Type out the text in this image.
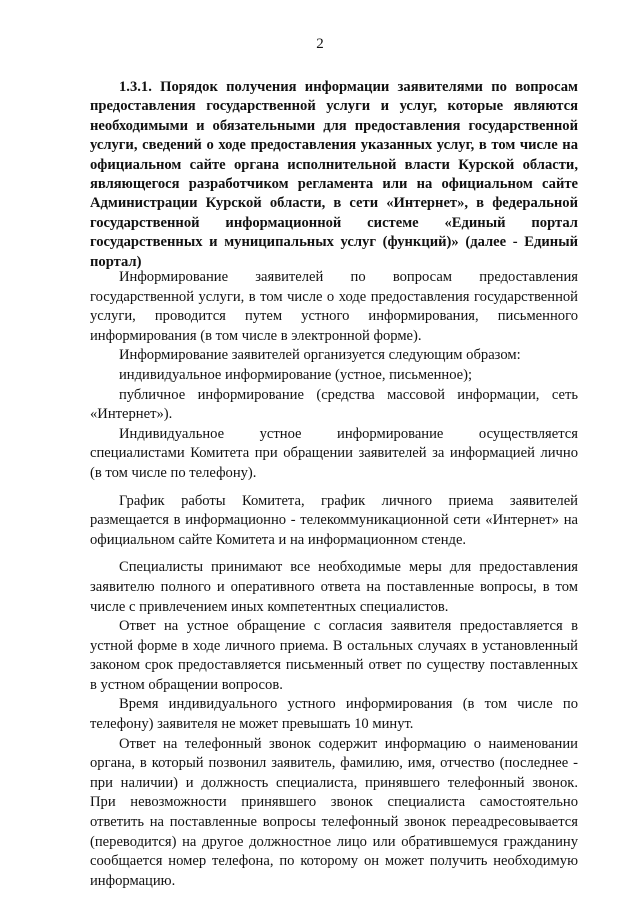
2
1.3.1. Порядок получения информации заявителями по вопросам предоставления государственной услуги и услуг, которые являются необходимыми и обязательными для предоставления государственной услуги, сведений о ходе предоставления указанных услуг, в том числе на официальном сайте органа исполнительной власти Курской области, являющегося разработчиком регламента или на официальном сайте Администрации Курской области, в сети «Интернет», в федеральной государственной информационной системе «Единый портал государственных и муниципальных услуг (функций)» (далее - Единый портал)

Информирование заявителей по вопросам предоставления государственной услуги, в том числе о ходе предоставления государственной услуги, проводится путем устного информирования, письменного информирования (в том числе в электронной форме).

Информирование заявителей организуется следующим образом:

индивидуальное информирование (устное, письменное);

публичное информирование (средства массовой информации, сеть «Интернет»).

Индивидуальное устное информирование осуществляется специалистами Комитета при обращении заявителей за информацией лично (в том числе по телефону).

График работы Комитета, график личного приема заявителей размещается в информационно - телекоммуникационной сети «Интернет» на официальном сайте Комитета и на информационном стенде.

Специалисты принимают все необходимые меры для предоставления заявителю полного и оперативного ответа на поставленные вопросы, в том числе с привлечением иных компетентных специалистов.

Ответ на устное обращение с согласия заявителя предоставляется в устной форме в ходе личного приема. В остальных случаях в установленный законом срок предоставляется письменный ответ по существу поставленных в устном обращении вопросов.

Время индивидуального устного информирования (в том числе по телефону) заявителя не может превышать 10 минут.

Ответ на телефонный звонок содержит информацию о наименовании органа, в который позвонил заявитель, фамилию, имя, отчество (последнее - при наличии) и должность специалиста, принявшего телефонный звонок. При невозможности принявшего звонок специалиста самостоятельно ответить на поставленные вопросы телефонный звонок переадресовывается (переводится) на другое должностное лицо или обратившемуся гражданину сообщается номер телефона, по которому он может получить необходимую информацию.
